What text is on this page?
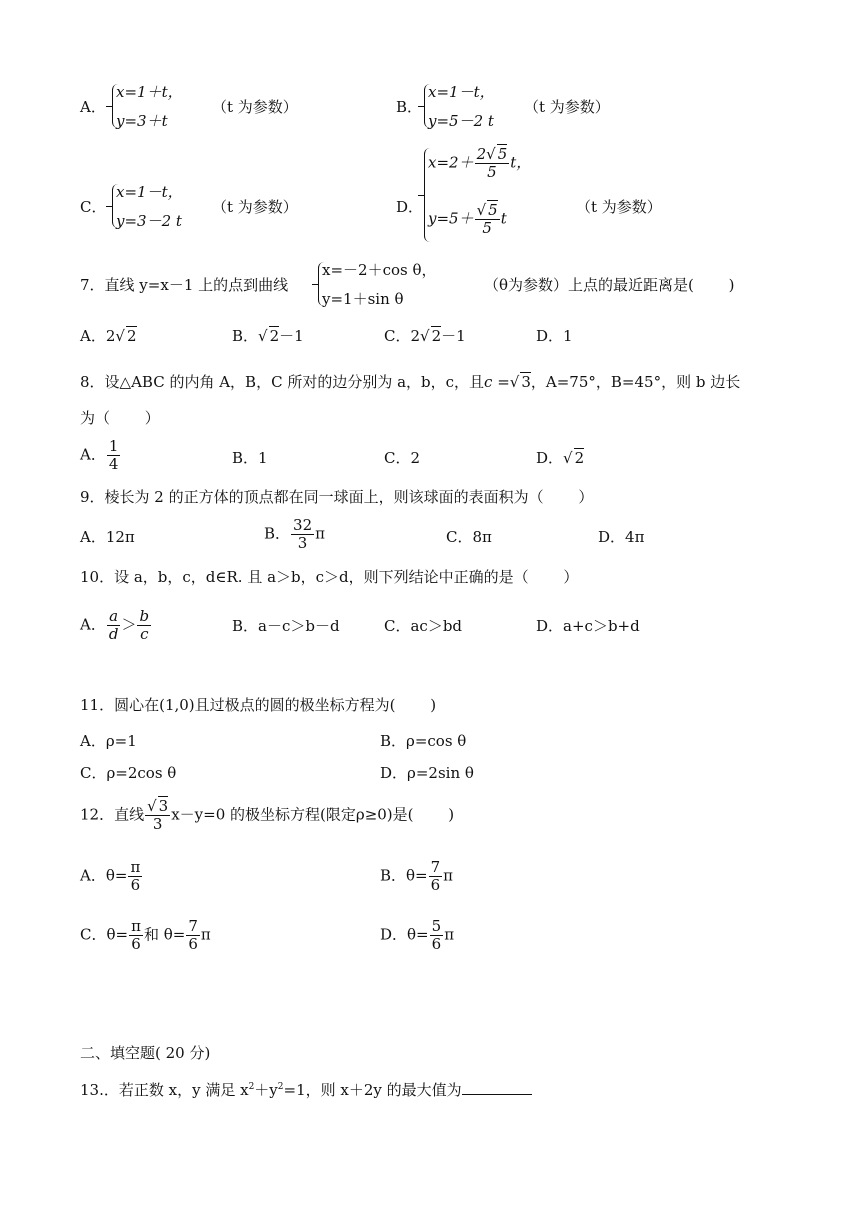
A．
x=1＋t，
y=3＋t
（t 为参数）	B．
x=1－t，
y=5－2 t
（t 为参数）
C．
x=1－t，
y=3－2 t
（t 为参数）	D．
$x=2+ \frac{2√ 5}{5}$ t，
$y=5+ \frac{√ 5}{5}$ t
（t 为参数）
7．直线 y=x－1 上的点到曲线
x=－2＋cos θ，
y=1＋sin θ
（θ为参数）上点的最近距离是(　　 )
A．2√ 2	B．√ 2－1	C．2√ 2－1	D．1
8．设△ABC 的内角 A，B，C 所对的边分别为 a，b，c，且c =√ 3，A=75°，B=45°，则 b 边长
为（　　 ）
A． $\frac{1}{4}$	B．1	C．2	D．√ 2
9．棱长为 2 的正方体的顶点都在同一球面上，则该球面的表面积为（　　 ）
A．12π	B． $\frac{32}{3}$ π	C．8π	D．4π
10．设 a，b，c，d∈R. 且 a＞b，c＞d，则下列结论中正确的是（　　 ）
A． $\frac{a}{d} > \frac{b}{c}$	B．a－c＞b－d	C．ac＞bd	D．a+c＞b+d
11．圆心在(1,0)且过极点的圆的极坐标方程为(　　 )
A．ρ=1	B．ρ=cos θ
C．ρ=2cos θ	D．ρ=2sin θ
12．直线 $\frac{√ 3}{3} x-y=0$ 的极坐标方程(限定ρ≥0)是(　　 )
A．$\theta= \frac{\pi}{6}$	B．$\theta= \frac{7}{6}$ π
C．$\theta= \frac{\pi}{6}$ 和 $\theta= \frac{7}{6}$ π	D．$\theta= \frac{5}{6}$ π
二、填空题( 20 分)
13.．若正数 x，y 满足 $x^2+y^2=1$，则 x＋2y 的最大值为
